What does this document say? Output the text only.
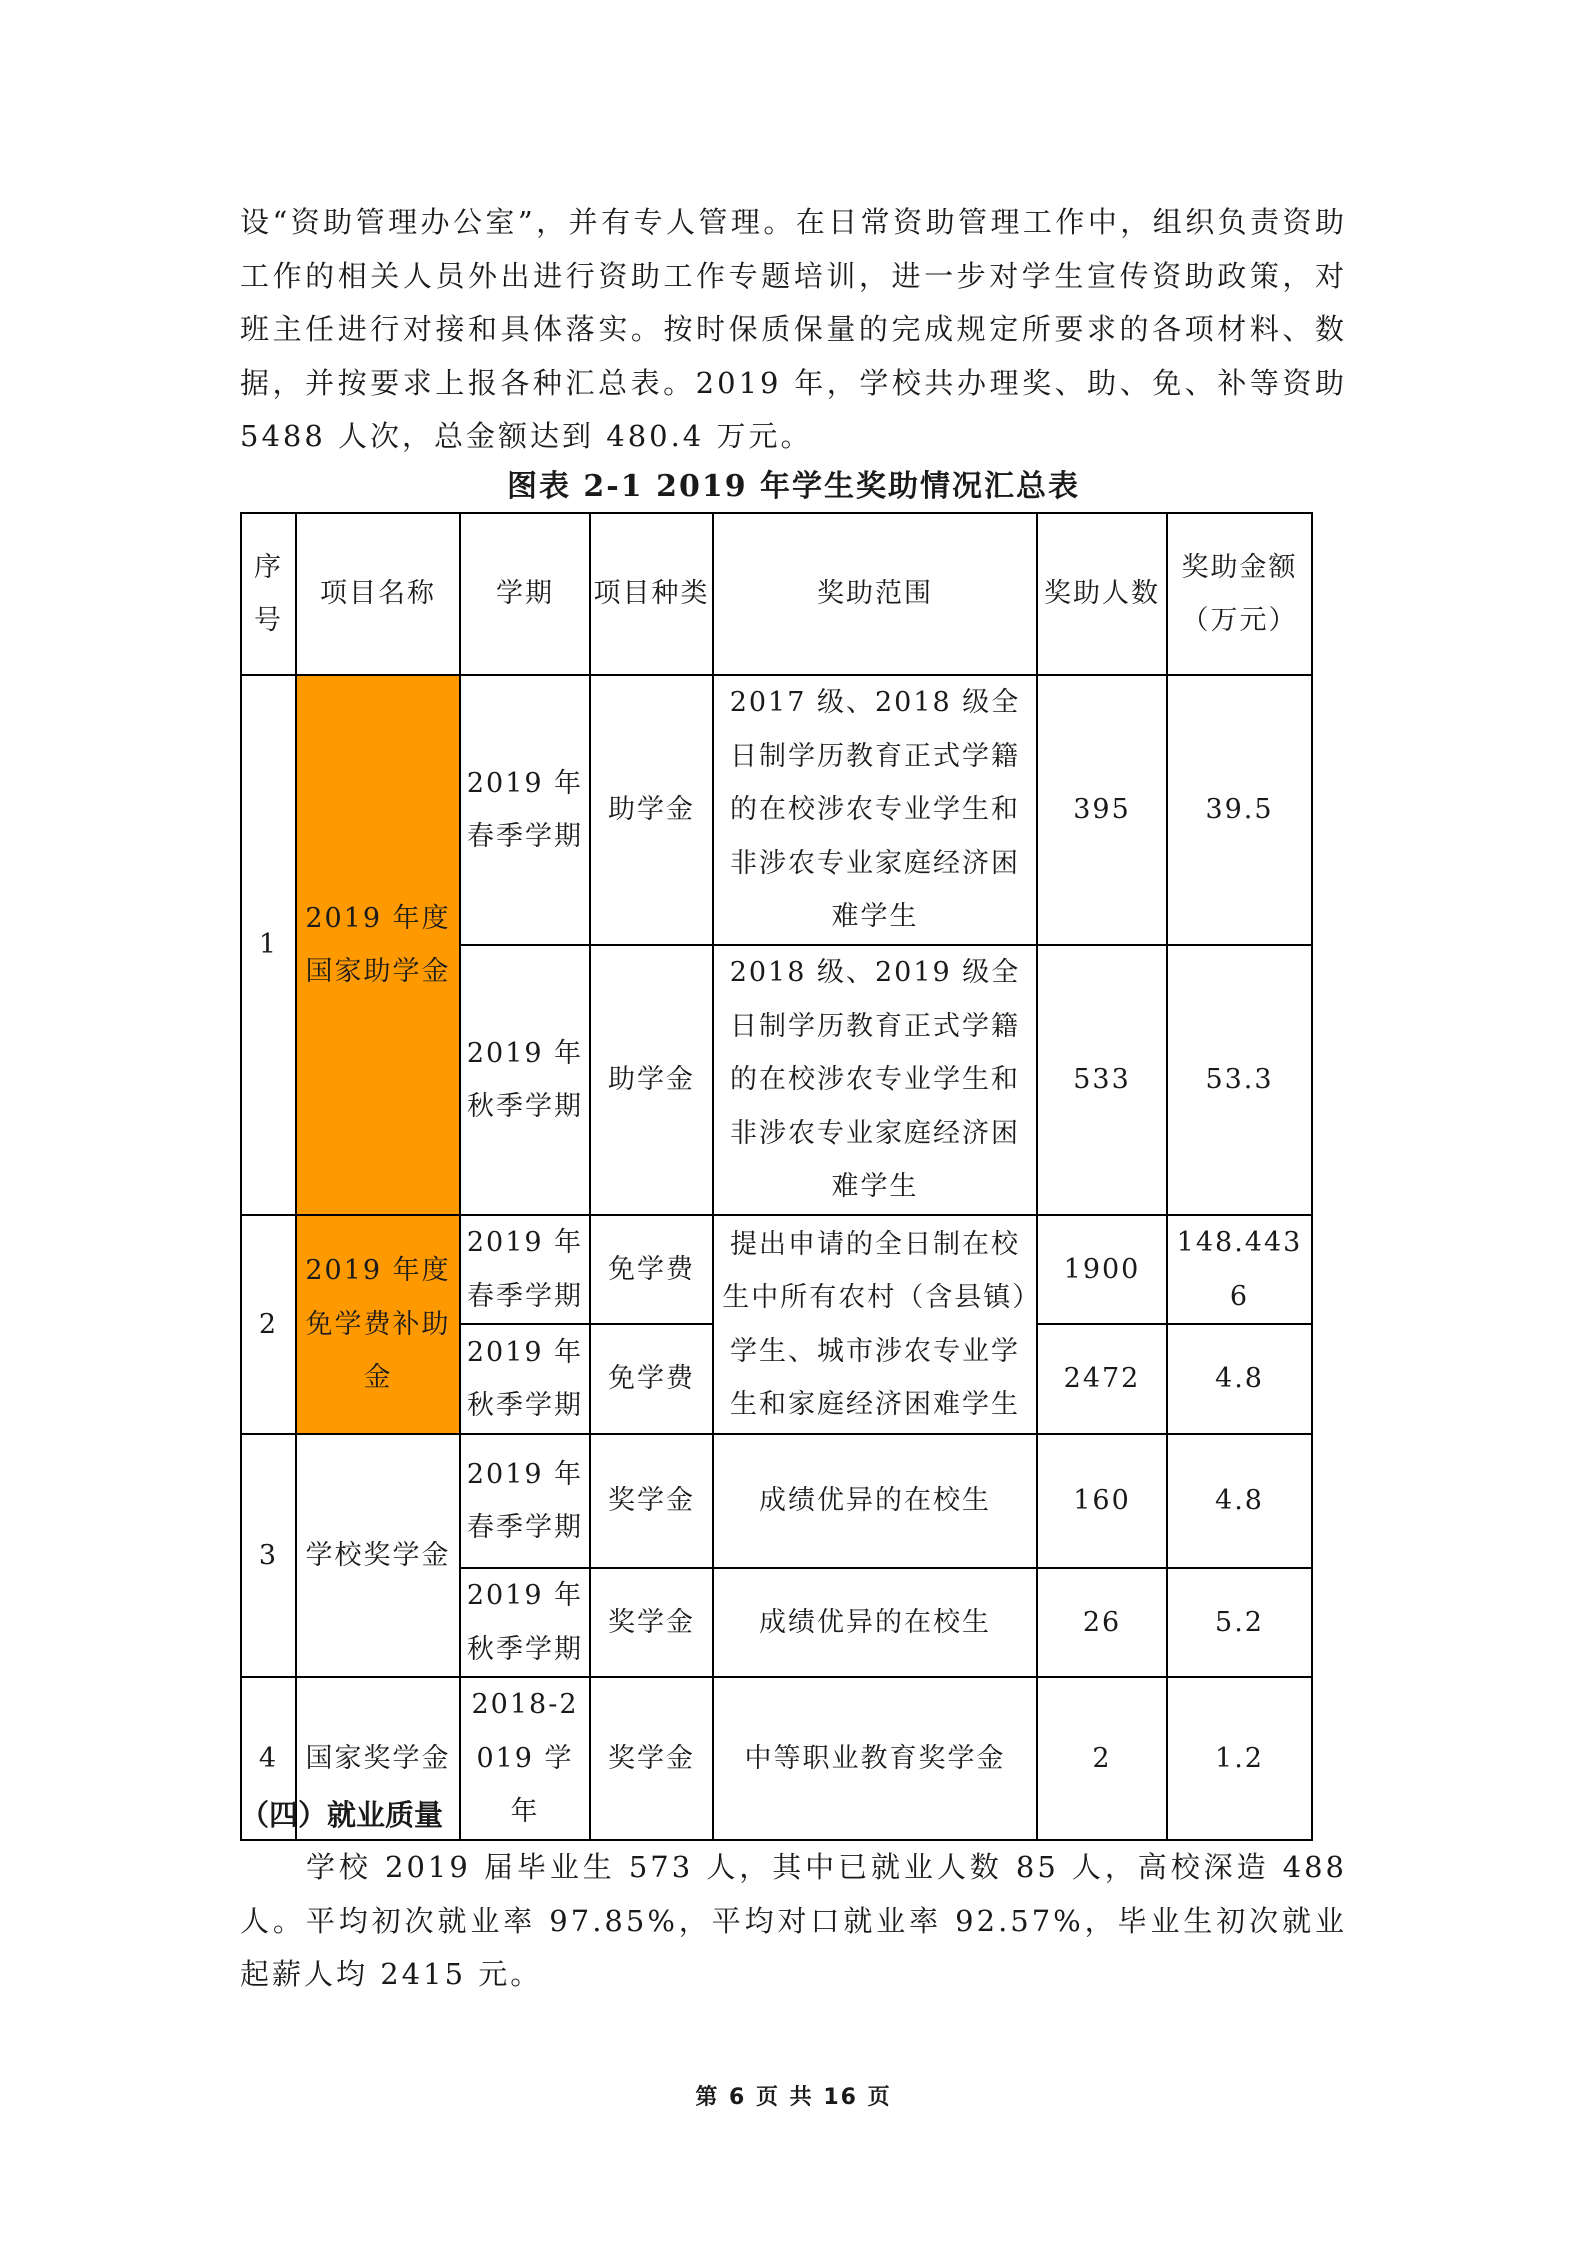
设“资助管理办公室”，并有专人管理。在日常资助管理工作中，组织负责资助工作的相关人员外出进行资助工作专题培训，进一步对学生宣传资助政策，对班主任进行对接和具体落实。按时保质保量的完成规定所要求的各项材料、数据，并按要求上报各种汇总表。2019 年，学校共办理奖、助、免、补等资助 5488 人次，总金额达到 480.4 万元。
图表 2-1 2019 年学生奖助情况汇总表
序号	项目名称	学期	项目种类	奖助范围	奖助人数	奖助金额（万元）
1	2019 年度国家助学金	2019 年春季学期	助学金	2017 级、2018 级全日制学历教育正式学籍的在校涉农专业学生和非涉农专业家庭经济困难学生	395	39.5
		2019 年秋季学期	助学金	2018 级、2019 级全日制学历教育正式学籍的在校涉农专业学生和非涉农专业家庭经济困难学生	533	53.3
2	2019 年度免学费补助金	2019 年春季学期	免学费	提出申请的全日制在校生中所有农村（含县镇）学生、城市涉农专业学生和家庭经济困难学生	1900	148.4436
		2019 年秋季学期	免学费		2472	4.8
3	学校奖学金	2019 年春季学期	奖学金	成绩优异的在校生	160	4.8
		2019 年秋季学期	奖学金	成绩优异的在校生	26	5.2
4	国家奖学金	2018-2019 学年	奖学金	中等职业教育奖学金	2	1.2
（四）就业质量
学校 2019 届毕业生 573 人，其中已就业人数 85 人，高校深造 488 人。平均初次就业率 97.85%，平均对口就业率 92.57%，毕业生初次就业起薪人均 2415 元。
第 6 页 共 16 页
